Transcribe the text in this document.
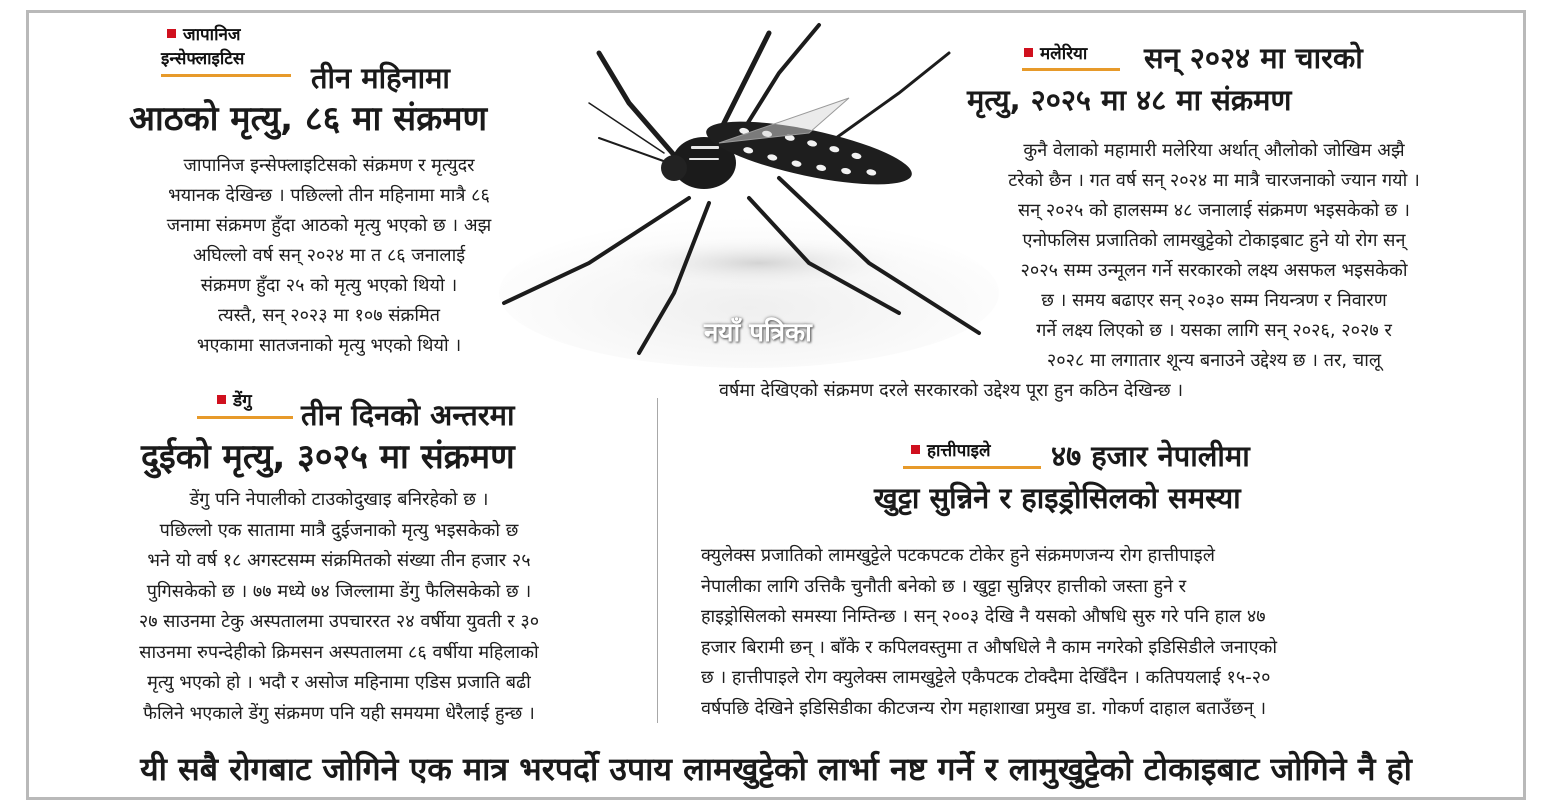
नयाँ पत्रिका
जापानिज
इन्सेफ्लाइटिस
तीन महिनामा
आठको मृत्यु, ८६ मा संक्रमण
जापानिज इन्सेफ्लाइटिसको संक्रमण र मृत्युदर
भयानक देखिन्छ । पछिल्लो तीन महिनामा मात्रै ८६
जनामा संक्रमण हुँदा आठको मृत्यु भएको छ । अझ
अघिल्लो वर्ष सन् २०२४ मा त ८६ जनालाई
संक्रमण हुँदा २५ को मृत्यु भएको थियो ।
त्यस्तै, सन् २०२३ मा १०७ संक्रमित
भएकामा सातजनाको मृत्यु भएको थियो ।
मलेरिया सन् २०२४ मा चारको
मृत्यु, २०२५ मा ४८ मा संक्रमण
कुनै वेलाको महामारी मलेरिया अर्थात् औलोको जोखिम अझै
टरेको छैन । गत वर्ष सन् २०२४ मा मात्रै चारजनाको ज्यान गयो ।
सन् २०२५ को हालसम्म ४८ जनालाई संक्रमण भइसकेको छ ।
एनोफलिस प्रजातिको लामखुट्टेको टोकाइबाट हुने यो रोग सन्
२०२५ सम्म उन्मूलन गर्ने सरकारको लक्ष्य असफल भइसकेको
छ । समय बढाएर सन् २०३० सम्म नियन्त्रण र निवारण
गर्ने लक्ष्य लिएको छ । यसका लागि सन् २०२६, २०२७ र
२०२८ मा लगातार शून्य बनाउने उद्देश्य छ । तर, चालू
वर्षमा देखिएको संक्रमण दरले सरकारको उद्देश्य पूरा हुन कठिन देखिन्छ ।
डेंगु तीन दिनको अन्तरमा
दुईको मृत्यु, ३०२५ मा संक्रमण
डेंगु पनि नेपालीको टाउकोदुखाइ बनिरहेको छ ।
पछिल्लो एक सातामा मात्रै दुईजनाको मृत्यु भइसकेको छ
भने यो वर्ष १८ अगस्टसम्म संक्रमितको संख्या तीन हजार २५
पुगिसकेको छ । ७७ मध्ये ७४ जिल्लामा डेंगु फैलिसकेको छ ।
२७ साउनमा टेकु अस्पतालमा उपचाररत २४ वर्षीया युवती र ३०
साउनमा रुपन्देहीको क्रिमसन अस्पतालमा ८६ वर्षीया महिलाको
मृत्यु भएको हो । भदौ र असोज महिनामा एडिस प्रजाति बढी
फैलिने भएकाले डेंगु संक्रमण पनि यही समयमा धेरैलाई हुन्छ ।
हात्तीपाइले ४७ हजार नेपालीमा
खुट्टा सुन्निने र हाइड्रोसिलको समस्या
क्युलेक्स प्रजातिको लामखुट्टेले पटकपटक टोकेर हुने संक्रमणजन्य रोग हात्तीपाइले
नेपालीका लागि उत्तिकै चुनौती बनेको छ । खुट्टा सुन्निएर हात्तीको जस्ता हुने र
हाइड्रोसिलको समस्या निम्तिन्छ । सन् २००३ देखि नै यसको औषधि सुरु गरे पनि हाल ४७
हजार बिरामी छन् । बाँके र कपिलवस्तुमा त औषधिले नै काम नगरेको इडिसिडीले जनाएको
छ । हात्तीपाइले रोग क्युलेक्स लामखुट्टेले एकैपटक टोक्दैमा देखिँदैन । कतिपयलाई १५-२०
वर्षपछि देखिने इडिसिडीका कीटजन्य रोग महाशाखा प्रमुख डा. गोकर्ण दाहाल बताउँछन् ।
यी सबै रोगबाट जोगिने एक मात्र भरपर्दो उपाय लामखुट्टेको लार्भा नष्ट गर्ने र लामुखुट्टेको टोकाइबाट जोगिने नै हो
